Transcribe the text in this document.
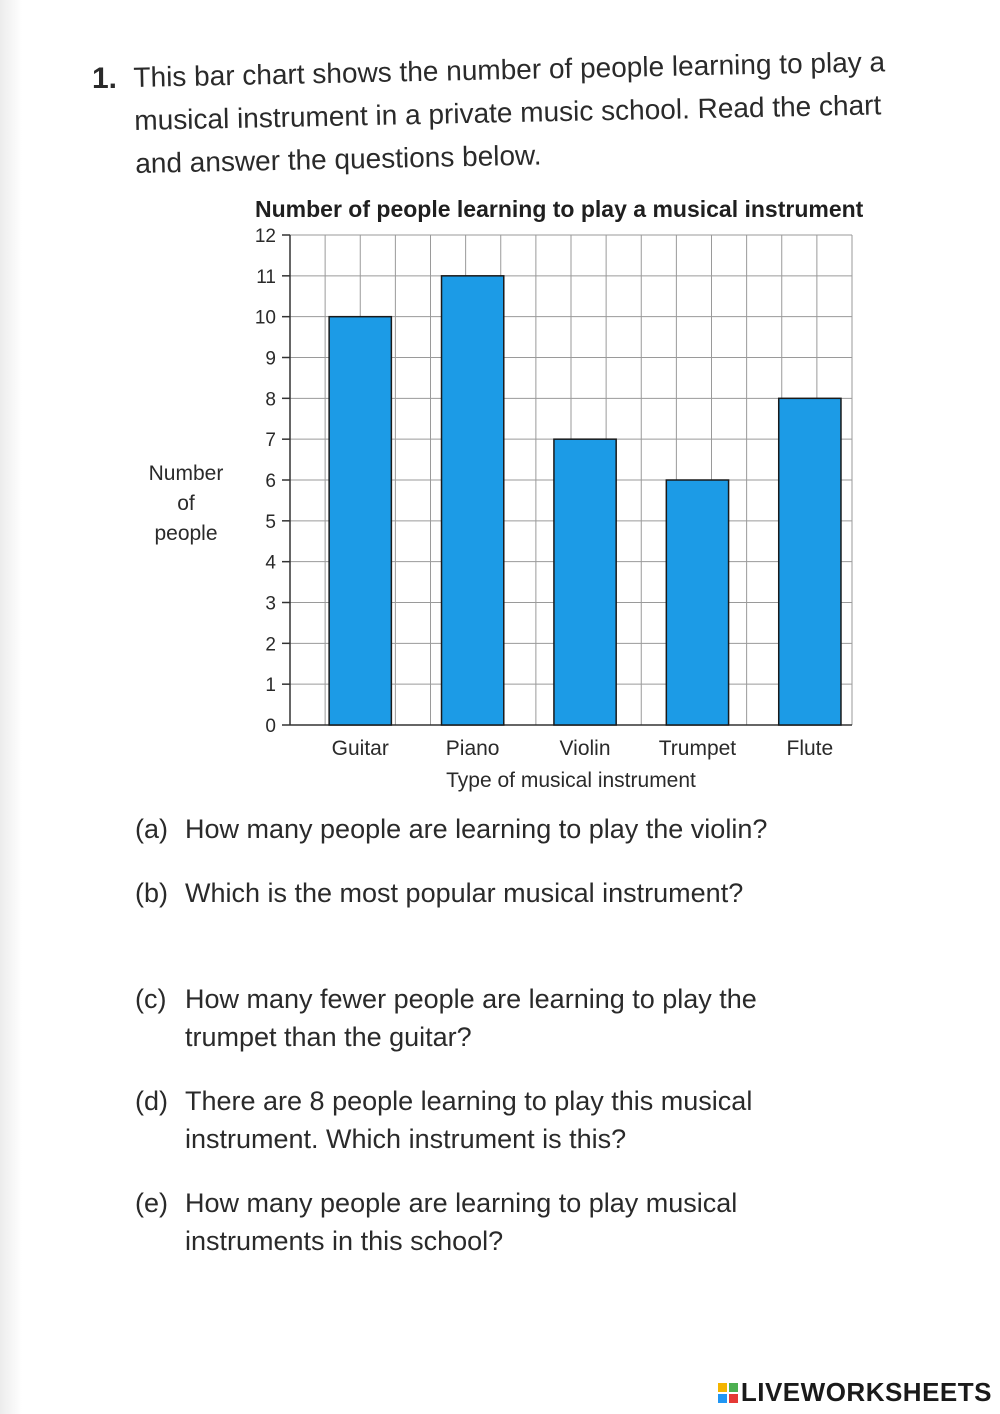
1. This bar chart shows the number of people learning to play a
musical instrument in a private music school. Read the chart
and answer the questions below.
Number of people learning to play a musical instrument
0
1
2
3
4
5
6
7
8
9
10
11
12
Guitar	Piano	Violin Trumpet Flute
Type of musical instrument
Number
of
people
(a) How many people are learning to play the violin?
(b) Which is the most popular musical instrument?
(c) How many fewer people are learning to play the trumpet than the guitar?
(d) There are 8 people learning to play this musical instrument. Which instrument is this?
(e) How many people are learning to play musical instruments in this school?
LIVEWORKSHEETS
